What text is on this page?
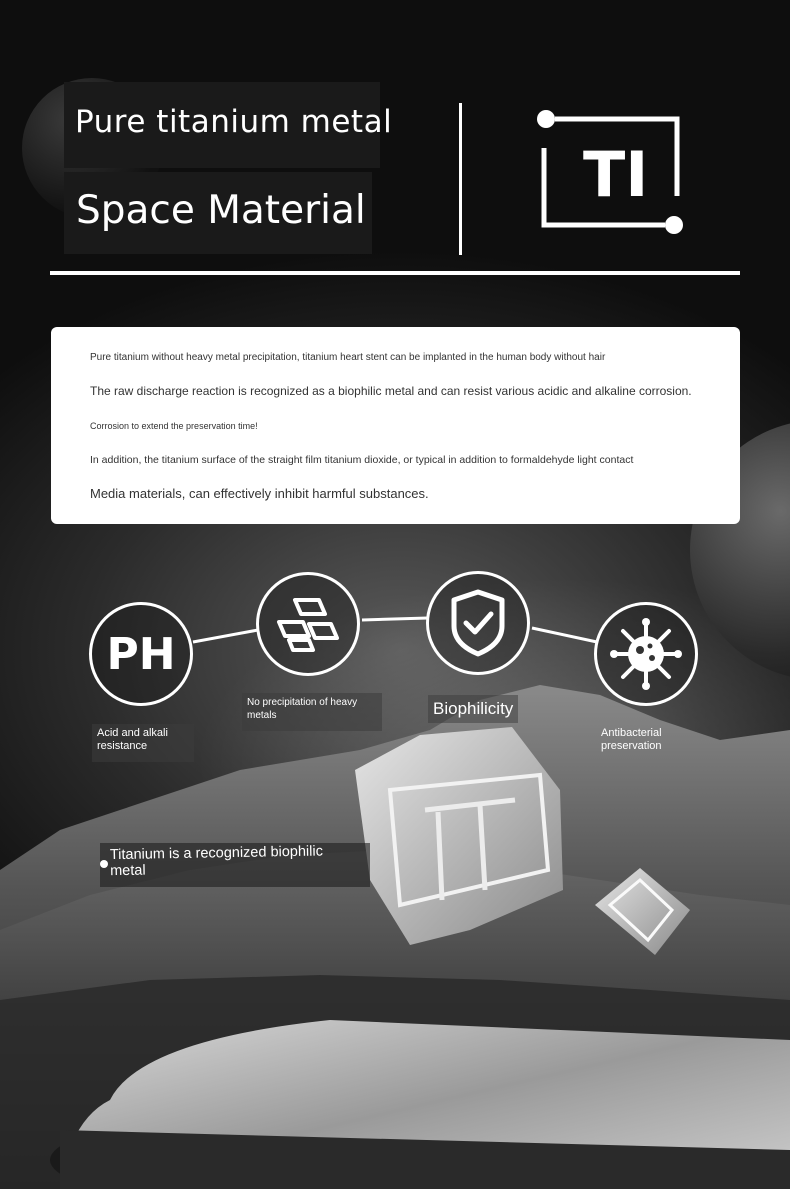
Pure titanium metal
Space Material	TI

Pure titanium without heavy metal precipitation, titanium heart stent can be implanted in the human body without hair

The raw discharge reaction is recognized as a biophilic metal and can resist various acidic and alkaline corrosion.

Corrosion to extend the preservation time!

In addition, the titanium surface of the straight film titanium dioxide, or typical in addition to formaldehyde light contact

Media materials, can effectively inhibit harmful substances.

PH
Acid and alkali resistance
No precipitation of heavy metals	Biophilicity
Antibacterial preservation
Titanium is a recognized biophilic metal
